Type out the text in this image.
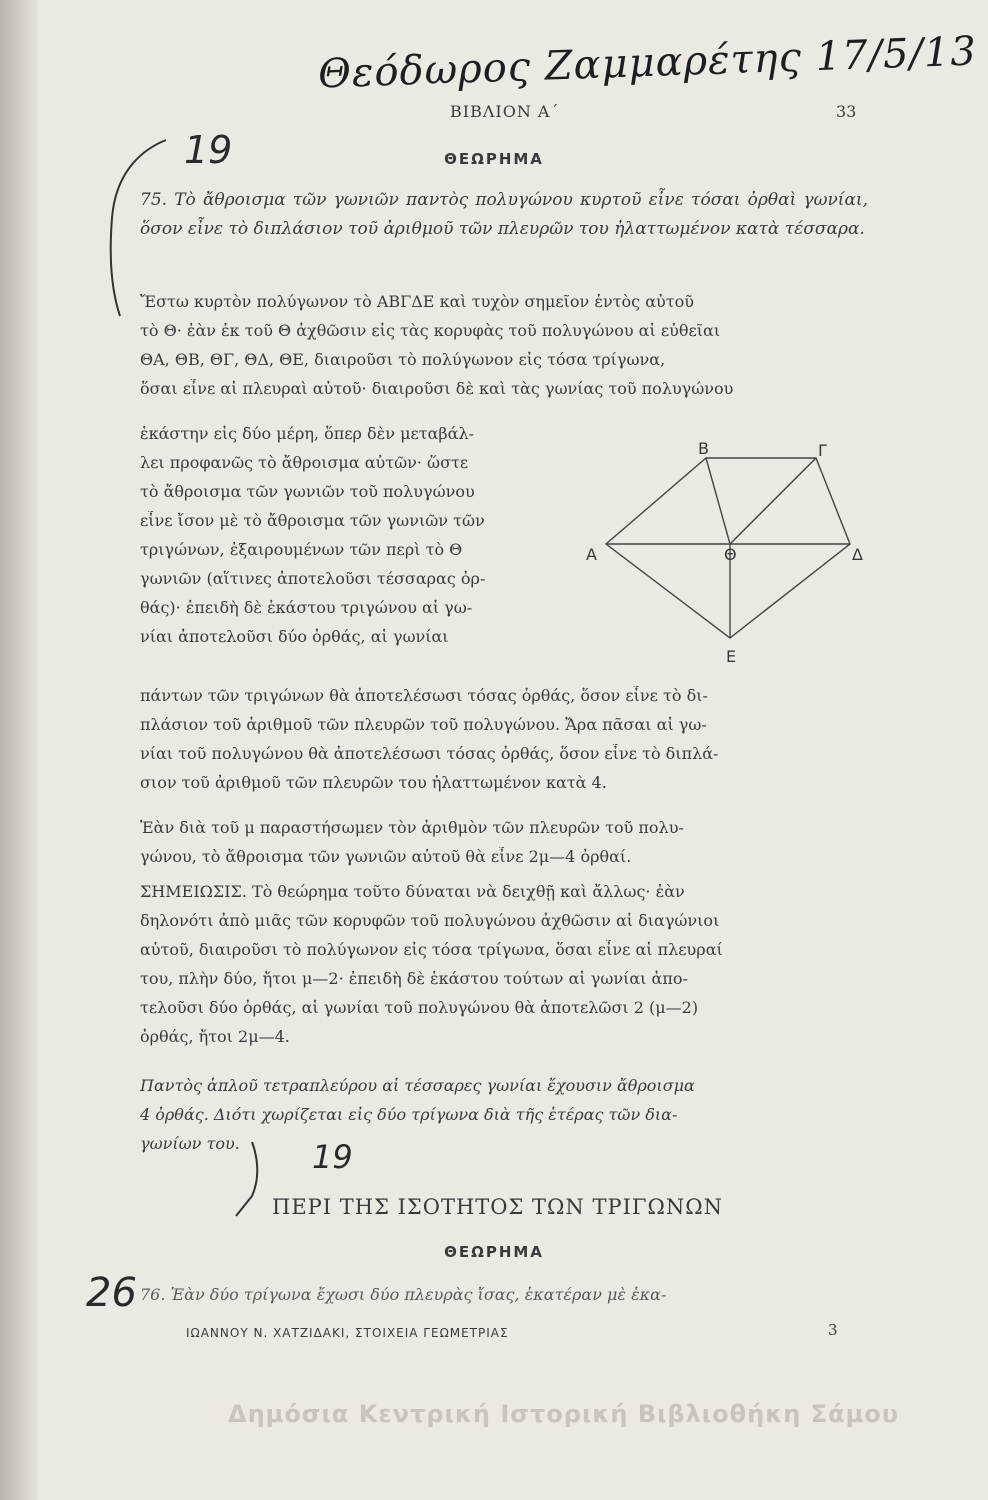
Θεόδωρος Ζαμμαρέτης 17/5/13
ΒΙΒΛΙΟΝ Α΄	33
19	ΘΕΩΡΗΜΑ

75. Τὸ ἄθροισμα τῶν γωνιῶν παντὸς πολυγώνου κυρτοῦ εἶνε τόσαι ὀρθαὶ γωνίαι, ὅσον εἶνε τὸ διπλάσιον τοῦ ἀριθμοῦ τῶν πλευρῶν του ἠλαττωμένον κατὰ τέσσαρα.

Ἔστω κυρτὸν πολύγωνον τὸ ΑΒΓΔΕ καὶ τυχὸν σημεῖον ἐντὸς αὐτοῦ
τὸ Θ· ἐὰν ἐκ τοῦ Θ ἀχθῶσιν εἰς τὰς κορυφὰς τοῦ πολυγώνου αἱ εὐθεῖαι
ΘΑ, ΘΒ, ΘΓ, ΘΔ, ΘΕ, διαιροῦσι τὸ πολύγωνον εἰς τόσα τρίγωνα,
ὅσαι εἶνε αἱ πλευραὶ αὐτοῦ· διαιροῦσι δὲ καὶ τὰς γωνίας τοῦ πολυγώνου
ἑκάστην εἰς δύο μέρη, ὅπερ δὲν μεταβάλ-
λει προφανῶς τὸ ἄθροισμα αὐτῶν· ὥστε
τὸ ἄθροισμα τῶν γωνιῶν τοῦ πολυγώνου
εἶνε ἴσον μὲ τὸ ἄθροισμα τῶν γωνιῶν τῶν
τριγώνων, ἐξαιρουμένων τῶν περὶ τὸ Θ
γωνιῶν (αἵτινες ἀποτελοῦσι τέσσαρας ὀρ-
θάς)· ἐπειδὴ δὲ ἑκάστου τριγώνου αἱ γω-
νίαι ἀποτελοῦσι δύο ὀρθάς, αἱ γωνίαι
Β	Γ
Α	Δ
Θ
Ε
πάντων τῶν τριγώνων θὰ ἀποτελέσωσι τόσας ὀρθάς, ὅσον εἶνε τὸ δι-
πλάσιον τοῦ ἀριθμοῦ τῶν πλευρῶν τοῦ πολυγώνου. Ἄρα πᾶσαι αἱ γω-
νίαι τοῦ πολυγώνου θὰ ἀποτελέσωσι τόσας ὀρθάς, ὅσον εἶνε τὸ διπλά-
σιον τοῦ ἀριθμοῦ τῶν πλευρῶν του ἠλαττωμένον κατὰ 4.
Ἐὰν διὰ τοῦ μ παραστήσωμεν τὸν ἀριθμὸν τῶν πλευρῶν τοῦ πολυ-
γώνου, τὸ ἄθροισμα τῶν γωνιῶν αὐτοῦ θὰ εἶνε 2μ—4 ὀρθαί.
ΣΗΜΕΙΩΣΙΣ. Τὸ θεώρημα τοῦτο δύναται νὰ δειχθῇ καὶ ἄλλως· ἐὰν
δηλονότι ἀπὸ μιᾶς τῶν κορυφῶν τοῦ πολυγώνου ἀχθῶσιν αἱ διαγώνιοι
αὐτοῦ, διαιροῦσι τὸ πολύγωνον εἰς τόσα τρίγωνα, ὅσαι εἶνε αἱ πλευραί
του, πλὴν δύο, ἤτοι μ—2· ἐπειδὴ δὲ ἑκάστου τούτων αἱ γωνίαι ἀπο-
τελοῦσι δύο ὀρθάς, αἱ γωνίαι τοῦ πολυγώνου θὰ ἀποτελῶσι 2 (μ—2)
ὀρθάς, ἤτοι 2μ—4.
Παντὸς ἁπλοῦ τετραπλεύρου αἱ τέσσαρες γωνίαι ἔχουσιν ἄθροισμα
4 ὀρθάς. Διότι χωρίζεται εἰς δύο τρίγωνα διὰ τῆς ἑτέρας τῶν δια-
γωνίων του.	19
ΠΕΡΙ ΤΗΣ ΙΣΟΤΗΤΟΣ ΤΩΝ ΤΡΙΓΩΝΩΝ
ΘΕΩΡΗΜΑ
76. Ἐὰν δύο τρίγωνα ἔχωσι δύο πλευρὰς ἴσας, ἑκατέραν μὲ ἑκα-
26
ΙΩΑΝΝΟΥ Ν. ΧΑΤΖΙΔΑΚΙ, ΣΤΟΙΧΕΙΑ ΓΕΩΜΕΤΡΙΑΣ	3
Δημόσια Κεντρική Ιστορική Βιβλιοθήκη Σάμου
